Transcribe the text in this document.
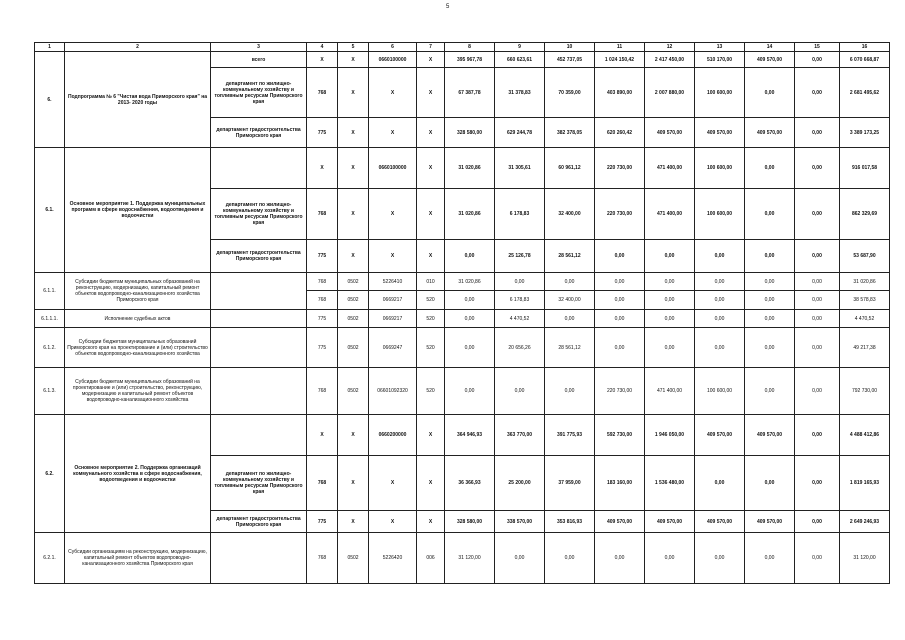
5
1	2	3	4	5	6	7	8	9	10	11	12	13	14	15	16
6.	Подпрограмма № 6 "Чистая вода Приморского края" на 2013- 2020 годы	всего	X	X	0660100000	X	395 967,78	660 623,61	452 737,05	1 024 150,42	2 417 450,00	510 170,00	409 570,00	0,00	6 070 668,87
		департамент по жилищно-коммунальному хозяйству и топливным ресурсам Приморского края	768	X	X	X	67 387,78	31 378,83	70 359,00	403 890,00	2 007 880,00	100 600,00	0,00	0,00	2 681 495,62
		департамент градостроительства Приморского края	775	X	X	X	328 580,00	629 244,78	382 378,05	620 260,42	409 570,00	409 570,00	409 570,00	0,00	3 389 173,25
6.1.	Основное мероприятие 1. Поддержка муниципальных программ в сфере водоснабжения, водоотведения и водоочистки		X	X	0660100000	X	31 020,86	31 305,61	60 961,12	220 730,00	471 400,00	100 600,00	0,00	0,00	916 017,58
		департамент по жилищно-коммунальному хозяйству и топливным ресурсам Приморского края	768	X	X	X	31 020,86	6 178,83	32 400,00	220 730,00	471 400,00	100 600,00	0,00	0,00	862 329,69
		департамент градостроительства Приморского края	775	X	X	X	0,00	25 126,78	28 561,12	0,00	0,00	0,00	0,00	0,00	53 687,90
6.1.1.	Субсидии бюджетам муниципальных образований на реконструкцию, модернизацию, капитальный ремонт объектов водопроводно-канализационного хозяйства Приморского края		768	0502	5226410	010	31 020,86	0,00	0,00	0,00	0,00	0,00	0,00	0,00	31 020,86
			768	0502	0669217	520	0,00	6 178,83	32 400,00	0,00	0,00	0,00	0,00	0,00	38 578,83
6.1.1.1.	Исполнение судебных актов		775	0502	0669217	520	0,00	4 470,52	0,00	0,00	0,00	0,00	0,00	0,00	4 470,52
6.1.2.	Субсидии бюджетам муниципальных образований Приморского края на проектирование и (или) строительство объектов водопроводно-канализационного хозяйства		775	0502	0669247	520	0,00	20 656,26	28 561,12	0,00	0,00	0,00	0,00	0,00	49 217,38
6.1.3.	Субсидии бюджетам муниципальных образований на проектирование и (или) строительство, реконструкцию, модернизацию и капитальный ремонт объектов водопроводно-канализационного хозяйства		768	0502	06601092320	520	0,00	0,00	0,00	220 730,00	471 400,00	100 600,00	0,00	0,00	792 730,00
6.2.	Основное мероприятие 2. Поддержка организаций коммунального хозяйства в сфере водоснабжения, водоотведения и водоочистки		X	X	0660200000	X	364 946,93	363 770,00	391 775,93	592 730,00	1 946 050,00	409 570,00	409 570,00	0,00	4 488 412,86
		департамент по жилищно-коммунальному хозяйству и топливным ресурсам Приморского края	768	X	X	X	36 366,93	25 200,00	37 959,00	183 160,00	1 536 480,00	0,00	0,00	0,00	1 819 165,93
		департамент градостроительства Приморского края	775	X	X	X	328 580,00	338 570,00	353 816,93	409 570,00	409 570,00	409 570,00	409 570,00	0,00	2 649 246,93
6.2.1.	Субсидии организациям на реконструкцию, модернизацию, капитальный ремонт объектов водопроводно-канализационного хозяйства Приморского края		768	0502	5226420	006	31 120,00	0,00	0,00	0,00	0,00	0,00	0,00	0,00	31 120,00
